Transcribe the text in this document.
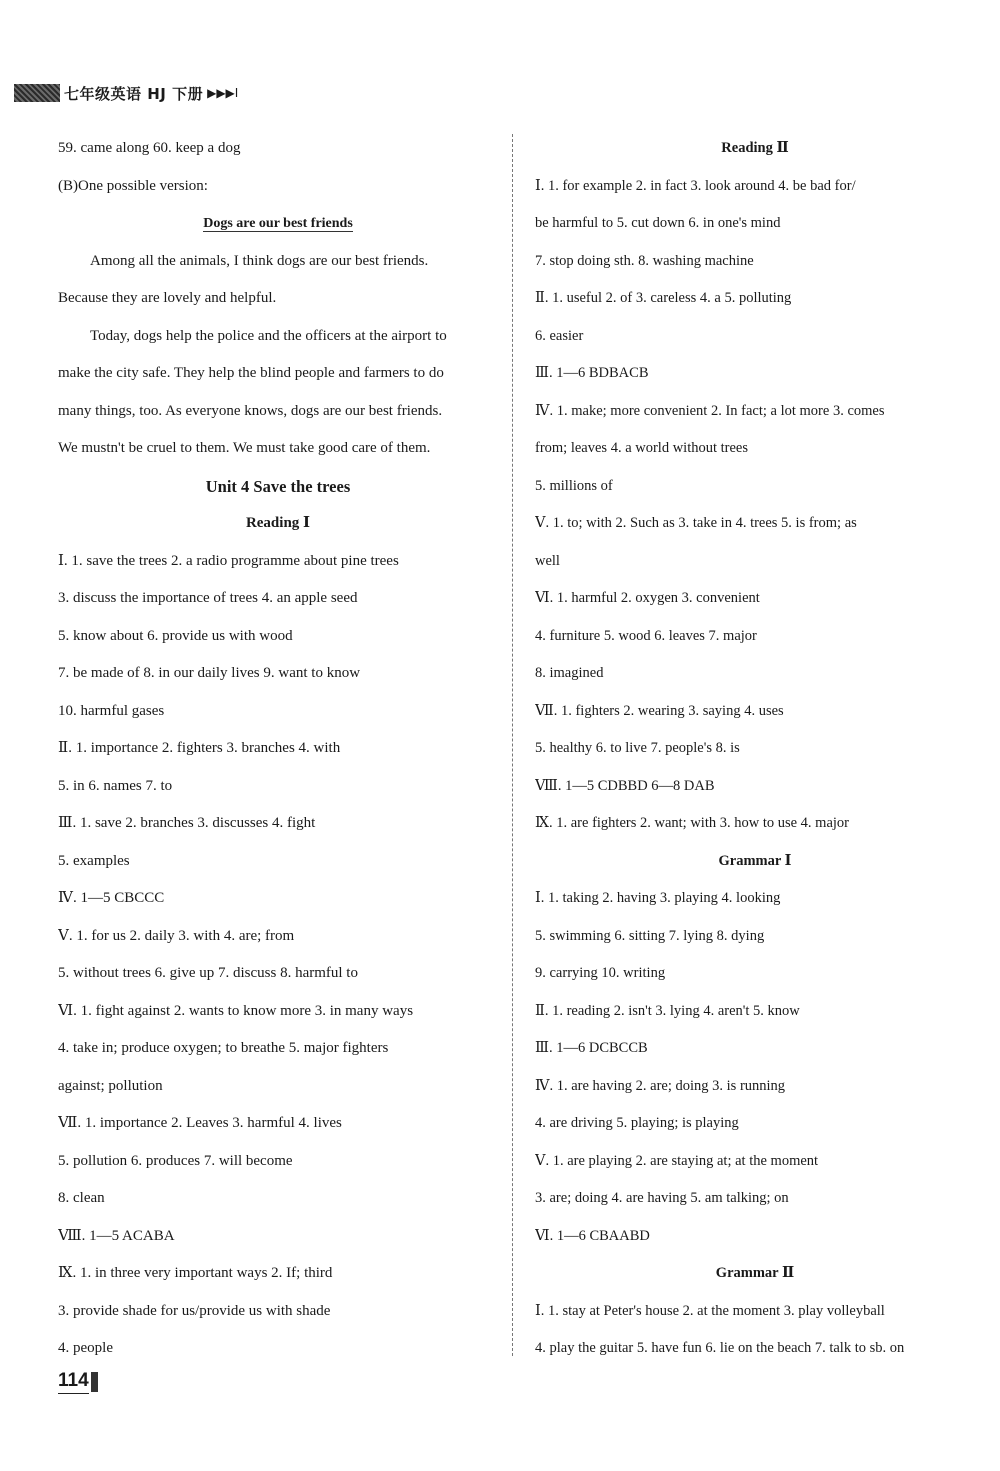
七年级英语 HJ 下册 ▶▶▶I
59. came along 60. keep a dog
(B)One possible version:
Dogs are our best friends
Among all the animals, I think dogs are our best friends.
Because they are lovely and helpful.
Today, dogs help the police and the officers at the airport to
make the city safe. They help the blind people and farmers to do
many things, too. As everyone knows, dogs are our best friends.
We mustn't be cruel to them. We must take good care of them.
Unit 4 Save the trees
Reading Ⅰ
Ⅰ. 1. save the trees 2. a radio programme about pine trees
3. discuss the importance of trees 4. an apple seed
5. know about 6. provide us with wood
7. be made of 8. in our daily lives 9. want to know
10. harmful gases
Ⅱ. 1. importance 2. fighters 3. branches 4. with
5. in 6. names 7. to
Ⅲ. 1. save 2. branches 3. discusses 4. fight
5. examples
Ⅳ. 1—5 CBCCC
Ⅴ. 1. for us 2. daily 3. with 4. are; from
5. without trees 6. give up 7. discuss 8. harmful to
Ⅵ. 1. fight against 2. wants to know more 3. in many ways
4. take in; produce oxygen; to breathe 5. major fighters
against; pollution
Ⅶ. 1. importance 2. Leaves 3. harmful 4. lives
5. pollution 6. produces 7. will become
8. clean
Ⅷ. 1—5 ACABA
Ⅸ. 1. in three very important ways 2. If; third
3. provide shade for us/provide us with shade
4. people
Reading Ⅱ
Ⅰ. 1. for example 2. in fact 3. look around 4. be bad for/
be harmful to 5. cut down 6. in one's mind
7. stop doing sth. 8. washing machine
Ⅱ. 1. useful 2. of 3. careless 4. a 5. polluting
6. easier
Ⅲ. 1—6 BDBACB
Ⅳ. 1. make; more convenient 2. In fact; a lot more 3. comes
from; leaves 4. a world without trees
5. millions of
Ⅴ. 1. to; with 2. Such as 3. take in 4. trees 5. is from; as
well
Ⅵ. 1. harmful 2. oxygen 3. convenient
4. furniture 5. wood 6. leaves 7. major
8. imagined
Ⅶ. 1. fighters 2. wearing 3. saying 4. uses
5. healthy 6. to live 7. people's 8. is
Ⅷ. 1—5 CDBBD 6—8 DAB
Ⅸ. 1. are fighters 2. want; with 3. how to use 4. major
Grammar Ⅰ
Ⅰ. 1. taking 2. having 3. playing 4. looking
5. swimming 6. sitting 7. lying 8. dying
9. carrying 10. writing
Ⅱ. 1. reading 2. isn't 3. lying 4. aren't 5. know
Ⅲ. 1—6 DCBCCB
Ⅳ. 1. are having 2. are; doing 3. is running
4. are driving 5. playing; is playing
Ⅴ. 1. are playing 2. are staying at; at the moment
3. are; doing 4. are having 5. am talking; on
Ⅵ. 1—6 CBAABD
Grammar Ⅱ
Ⅰ. 1. stay at Peter's house 2. at the moment 3. play volleyball
4. play the guitar 5. have fun 6. lie on the beach 7. talk to sb. on
114
